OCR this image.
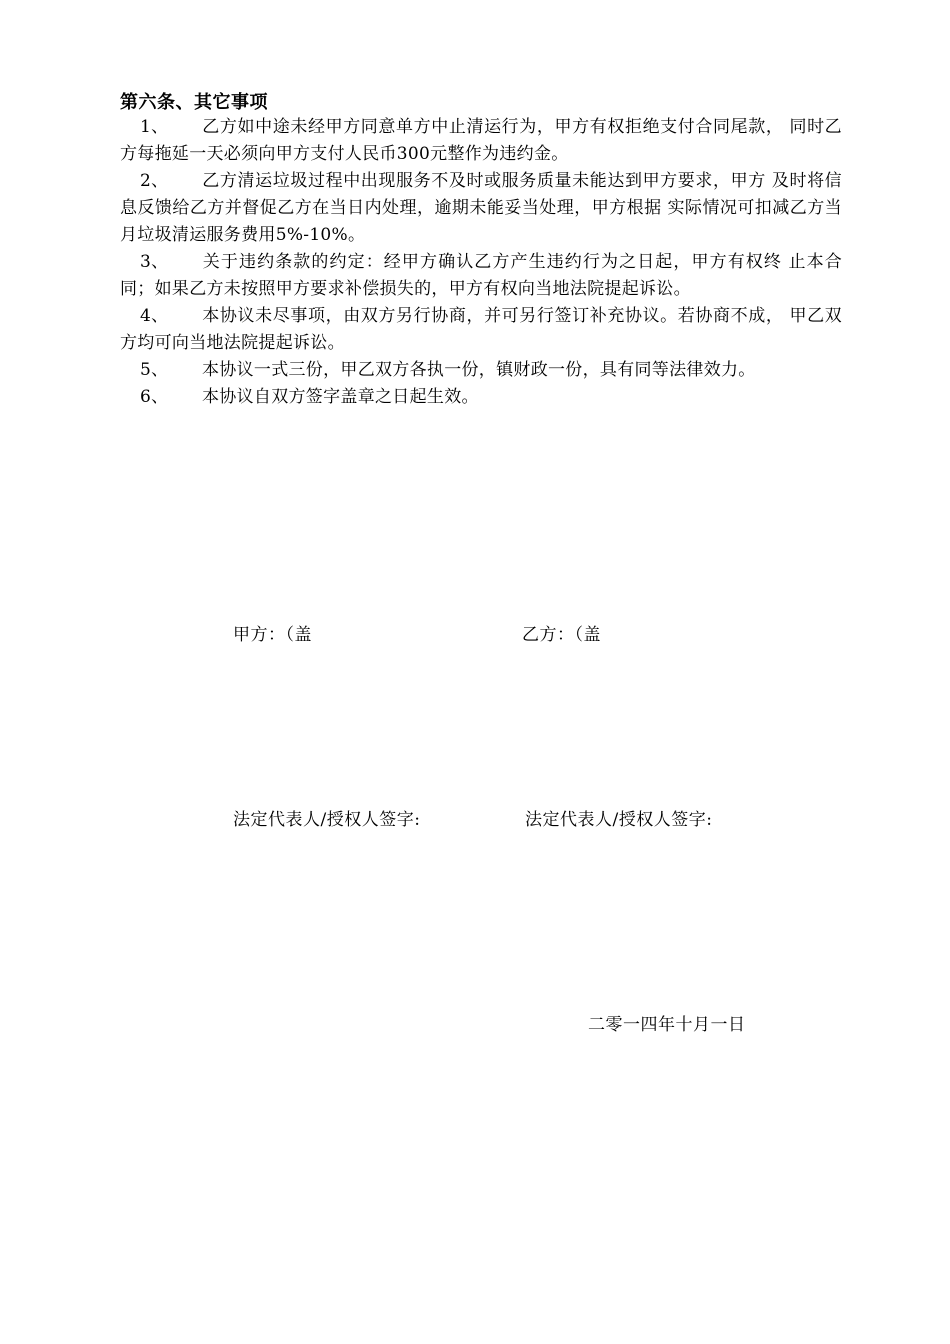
第六条、其它事项

1、 乙方如中途未经甲方同意单方中止清运行为，甲方有权拒绝支付合同尾款， 同时乙方每拖延一天必须向甲方支付人民币300元整作为违约金。

2、 乙方清运垃圾过程中出现服务不及时或服务质量未能达到甲方要求，甲方 及时将信息反馈给乙方并督促乙方在当日内处理，逾期未能妥当处理，甲方根据 实际情况可扣减乙方当月垃圾清运服务费用5%-10%。

3、 关于违约条款的约定：经甲方确认乙方产生违约行为之日起，甲方有权终 止本合同；如果乙方未按照甲方要求补偿损失的，甲方有权向当地法院提起诉讼。

4、 本协议未尽事项，由双方另行协商，并可另行签订补充协议。若协商不成， 甲乙双方均可向当地法院提起诉讼。

5、 本协议一式三份，甲乙双方各执一份，镇财政一份，具有同等法律效力。

6、 本协议自双方签字盖章之日起生效。

甲方：（盖	乙方：（盖
法定代表人/授权人签字:	法定代表人/授权人签字:
二零一四年十月一日
